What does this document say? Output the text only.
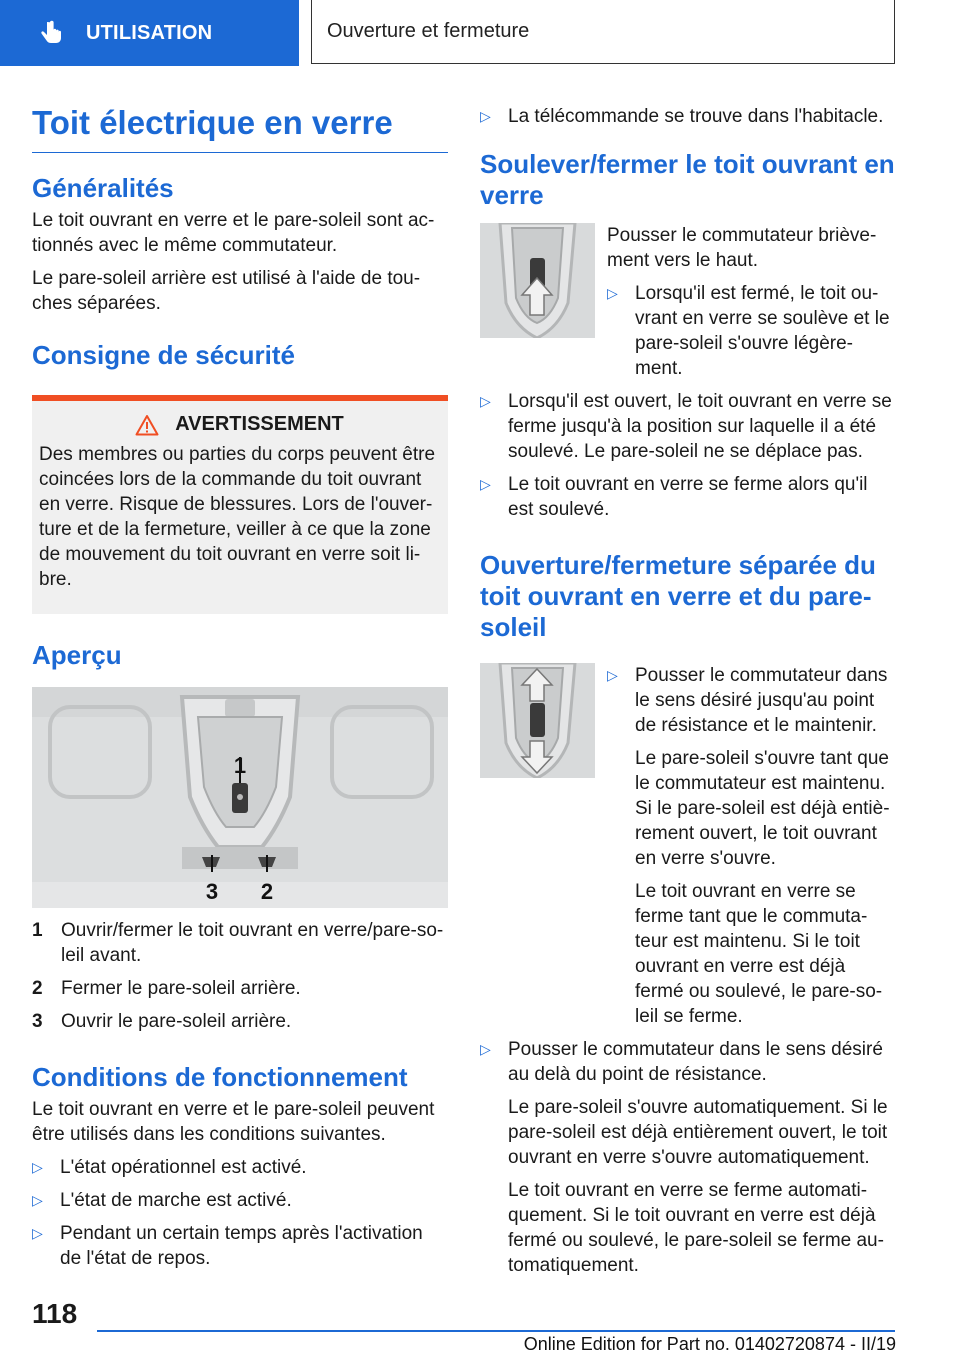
UTILISATION	Ouverture et fermeture
Toit électrique en verre
Généralités

Le toit ouvrant en verre et le pare-soleil sont ac-tionnés avec le même commutateur.

Le pare-soleil arrière est utilisé à l'aide de tou-ches séparées.

Consigne de sécurité
AVERTISSEMENT

Des membres ou parties du corps peuvent être coincées lors de la commande du toit ouvrant en verre. Risque de blessures. Lors de l'ouver-ture et de la fermeture, veiller à ce que la zone de mouvement du toit ouvrant en verre soit li-bre.

Aperçu
1
3 2
1 Ouvrir/fermer le toit ouvrant en verre/pare-so-leil avant.
2 Fermer le pare-soleil arrière.
3 Ouvrir le pare-soleil arrière.
Conditions de fonctionnement

Le toit ouvrant en verre et le pare-soleil peuvent être utilisés dans les conditions suivantes.

▷ L'état opérationnel est activé.
▷ L'état de marche est activé.
▷ Pendant un certain temps après l'activation de l'état de repos.
▷ La télécommande se trouve dans l'habitacle.
Soulever/fermer le toit ouvrant en verre

Pousser le commutateur briève-ment vers le haut.

▷ Lorsqu'il est fermé, le toit ou-vrant en verre se soulève et le pare-soleil s'ouvre légère-ment.
▷ Lorsqu'il est ouvert, le toit ouvrant en verre se ferme jusqu'à la position sur laquelle il a été soulevé. Le pare-soleil ne se déplace pas.
▷ Le toit ouvrant en verre se ferme alors qu'il est soulevé.
Ouverture/fermeture séparée du toit ouvrant en verre et du pare-soleil
▷ Pousser le commutateur dans le sens désiré jusqu'au point de résistance et le maintenir.
Le pare-soleil s'ouvre tant que le commutateur est maintenu. Si le pare-soleil est déjà entiè-rement ouvert, le toit ouvrant en verre s'ouvre.
Le toit ouvrant en verre se ferme tant que le commuta-teur est maintenu. Si le toit ouvrant en verre est déjà fermé ou soulevé, le pare-so-leil se ferme.
▷ Pousser le commutateur dans le sens désiré au delà du point de résistance.
Le pare-soleil s'ouvre automatiquement. Si le pare-soleil est déjà entièrement ouvert, le toit ouvrant en verre s'ouvre automatiquement.
Le toit ouvrant en verre se ferme automati-quement. Si le toit ouvrant en verre est déjà fermé ou soulevé, le pare-soleil se ferme au-tomatiquement.
118
Online Edition for Part no. 01402720874 - II/19
